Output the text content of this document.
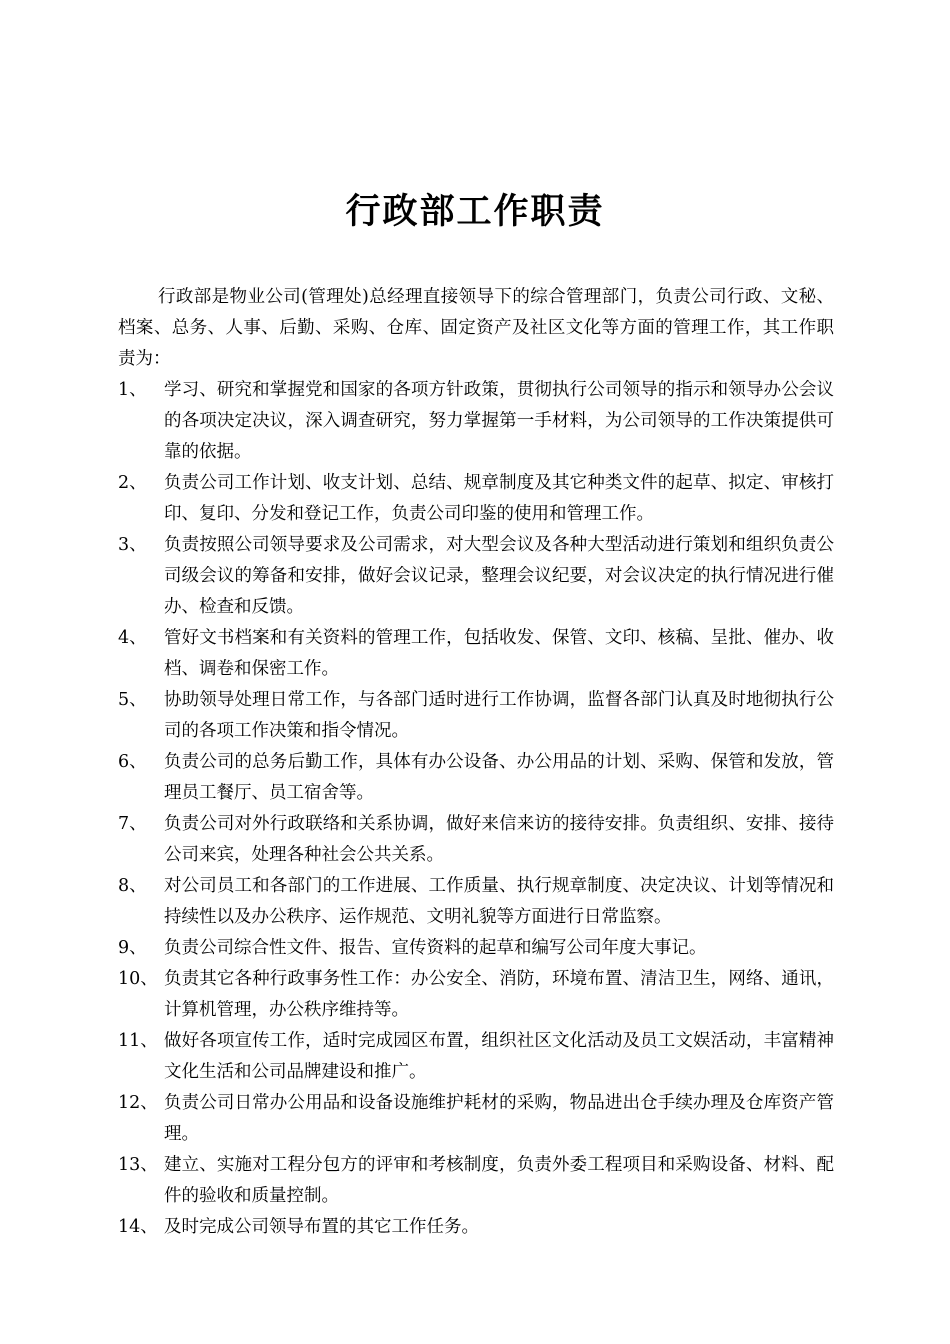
行政部工作职责

行政部是物业公司(管理处)总经理直接领导下的综合管理部门，负责公司行政、文秘、档案、总务、人事、后勤、采购、仓库、固定资产及社区文化等方面的管理工作，其工作职责为：

1、 学习、研究和掌握党和国家的各项方针政策，贯彻执行公司领导的指示和领导办公会议的各项决定决议，深入调查研究，努力掌握第一手材料，为公司领导的工作决策提供可靠的依据。
2、 负责公司工作计划、收支计划、总结、规章制度及其它种类文件的起草、拟定、审核打印、复印、分发和登记工作，负责公司印鉴的使用和管理工作。
3、 负责按照公司领导要求及公司需求，对大型会议及各种大型活动进行策划和组织负责公司级会议的筹备和安排，做好会议记录，整理会议纪要，对会议决定的执行情况进行催办、检查和反馈。
4、 管好文书档案和有关资料的管理工作，包括收发、保管、文印、核稿、呈批、催办、收档、调卷和保密工作。
5、 协助领导处理日常工作，与各部门适时进行工作协调，监督各部门认真及时地彻执行公司的各项工作决策和指令情况。
6、 负责公司的总务后勤工作，具体有办公设备、办公用品的计划、采购、保管和发放，管理员工餐厅、员工宿舍等。
7、 负责公司对外行政联络和关系协调，做好来信来访的接待安排。负责组织、安排、接待公司来宾，处理各种社会公共关系。
8、 对公司员工和各部门的工作进展、工作质量、执行规章制度、决定决议、计划等情况和持续性以及办公秩序、运作规范、文明礼貌等方面进行日常监察。
9、 负责公司综合性文件、报告、宣传资料的起草和编写公司年度大事记。
10、 负责其它各种行政事务性工作：办公安全、消防，环境布置、清洁卫生，网络、通讯，计算机管理，办公秩序维持等。
11、 做好各项宣传工作，适时完成园区布置，组织社区文化活动及员工文娱活动，丰富精神文化生活和公司品牌建设和推广。
12、 负责公司日常办公用品和设备设施维护耗材的采购，物品进出仓手续办理及仓库资产管理。
13、 建立、实施对工程分包方的评审和考核制度，负责外委工程项目和采购设备、材料、配件的验收和质量控制。
14、 及时完成公司领导布置的其它工作任务。
